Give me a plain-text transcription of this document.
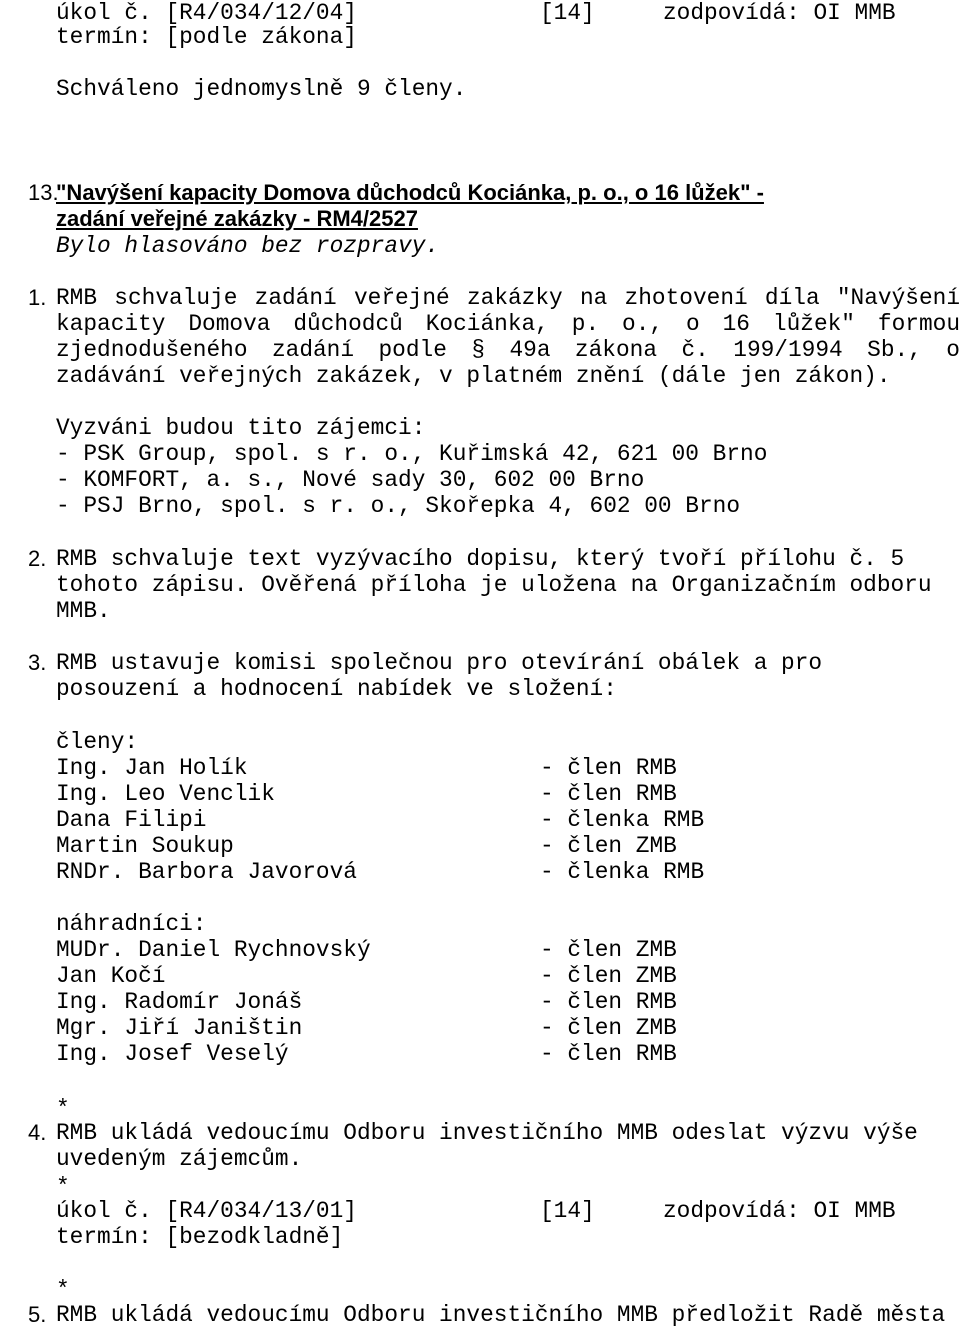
úkol č. [R4/034/12/04]	[14]	zodpovídá: OI MMB
termín: [podle zákona]
Schváleno jednomyslně 9 členy.
13.
"Navýšení kapacity Domova důchodců Kociánka, p. o., o 16 lůžek" -
zadání veřejné zakázky - RM4/2527
Bylo hlasováno bez rozpravy.
1. RMB schvaluje zadání veřejné zakázky na zhotovení díla "Navýšení
kapacity Domova důchodců Kociánka, p. o., o 16 lůžek" formou
zjednodušeného zadání podle § 49a zákona č. 199/1994 Sb., o
zadávání veřejných zakázek, v platném znění (dále jen zákon).
Vyzváni budou tito zájemci:
- PSK Group, spol. s r. o., Kuřimská 42, 621 00 Brno
- KOMFORT, a. s., Nové sady 30, 602 00 Brno
- PSJ Brno, spol. s r. o., Skořepka 4, 602 00 Brno
2. RMB schvaluje text vyzývacího dopisu, který tvoří přílohu č. 5
tohoto zápisu. Ověřená příloha je uložena na Organizačním odboru
MMB.
3. RMB ustavuje komisi společnou pro otevírání obálek a pro
posouzení a hodnocení nabídek ve složení:
členy:
Ing. Jan Holík	- člen RMB
Ing. Leo Venclik	- člen RMB
Dana Filipi	- členka RMB
Martin Soukup	- člen ZMB
RNDr. Barbora Javorová	- členka RMB
náhradníci:
MUDr. Daniel Rychnovský	- člen ZMB
Jan Kočí	- člen ZMB
Ing. Radomír Jonáš	- člen RMB
Mgr. Jiří Janištin	- člen ZMB
Ing. Josef Veselý	- člen RMB
*
4. RMB ukládá vedoucímu Odboru investičního MMB odeslat výzvu výše
uvedeným zájemcům.
*
úkol č. [R4/034/13/01]	[14]	zodpovídá: OI MMB
termín: [bezodkladně]
*
5. RMB ukládá vedoucímu Odboru investičního MMB předložit Radě města
